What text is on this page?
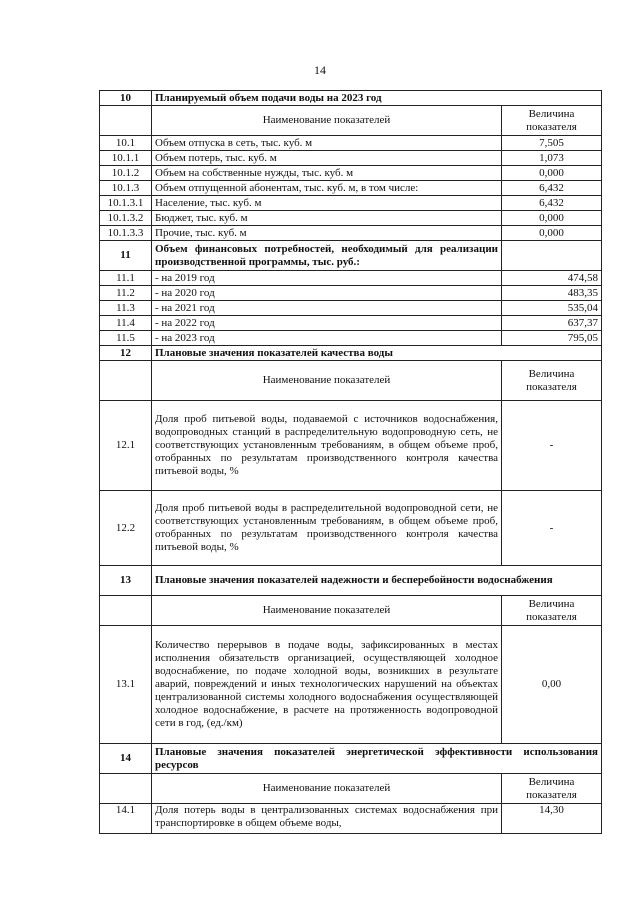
14
10	Планируемый объем подачи воды на 2023 год	
	Наименование показателей	Величина показателя
10.1	Объем отпуска в сеть, тыс. куб. м	7,505
10.1.1	Объем потерь, тыс. куб. м	1,073
10.1.2	Объем на собственные нужды, тыс. куб. м	0,000
10.1.3	Объем отпущенной абонентам, тыс. куб. м, в том числе:	6,432
10.1.3.1	Население, тыс. куб. м	6,432
10.1.3.2	Бюджет, тыс. куб. м	0,000
10.1.3.3	Прочие, тыс. куб. м	0,000
11	Объем финансовых потребностей, необходимый для реализации производственной программы, тыс. руб.:	
11.1	- на 2019 год	474,58
11.2	- на 2020 год	483,35
11.3	- на 2021 год	535,04
11.4	- на 2022 год	637,37
11.5	- на 2023 год	795,05
12	Плановые значения показателей качества воды	
	Наименование показателей	Величина показателя
12.1	Доля проб питьевой воды, подаваемой с источников водоснабжения, водопроводных станций в распределительную водопроводную сеть, не соответствующих установленным требованиям, в общем объеме проб, отобранных по результатам производственного контроля качества питьевой воды, %	-
12.2	Доля проб питьевой воды в распределительной водопроводной сети, не соответствующих установленным требованиям, в общем объеме проб, отобранных по результатам производственного контроля качества питьевой воды, %	-
13	Плановые значения показателей надежности и бесперебойности водоснабжения	
	Наименование показателей	Величина показателя
13.1	Количество перерывов в подаче воды, зафиксированных в местах исполнения обязательств организацией, осуществляющей холодное водоснабжение, по подаче холодной воды, возникших в результате аварий, повреждений и иных технологических нарушений на объектах централизованной системы холодного водоснабжения осуществляющей холодное водоснабжение, в расчете на протяженность водопроводной сети в год, (ед./км)	0,00
14	Плановые значения показателей энергетической эффективности использования ресурсов	
	Наименование показателей	Величина показателя
14.1	Доля потерь воды в централизованных системах водоснабжения при транспортировке в общем объеме воды,	14,30
